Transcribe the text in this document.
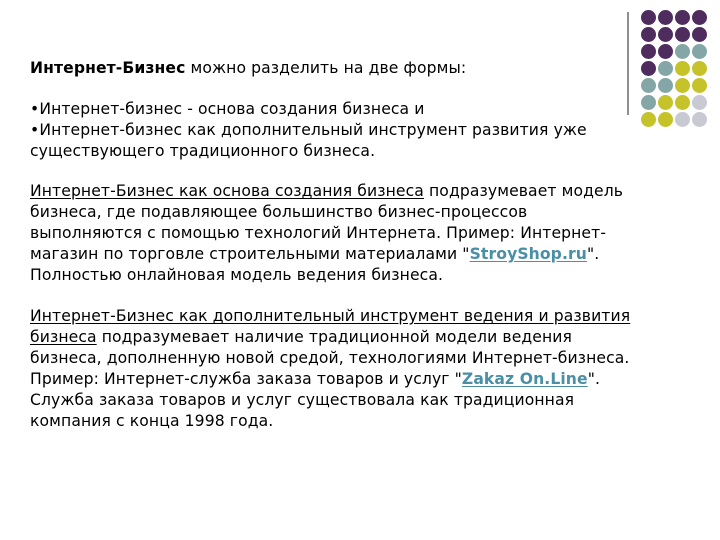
Интернет-Бизнес можно разделить на две формы:

•Интернет-бизнес - основа создания бизнеса и

•Интернет-бизнес как дополнительный инструмент развития уже

существующего традиционного бизнеса.

Интернет-Бизнес как основа создания бизнеса подразумевает модель

бизнеса, где подавляющее большинство бизнес-процессов

выполняются с помощью технологий Интернета. Пример: Интернет-

магазин по торговле строительными материалами "StroyShop.ru".

Полностью онлайновая модель ведения бизнеса.

Интернет-Бизнес как дополнительный инструмент ведения и развития

бизнеса подразумевает наличие традиционной модели ведения

бизнеса, дополненную новой средой, технологиями Интернет-бизнеса.

Пример: Интернет-служба заказа товаров и услуг "Zakaz On.Line".

Служба заказа товаров и услуг существовала как традиционная

компания с конца 1998 года.
